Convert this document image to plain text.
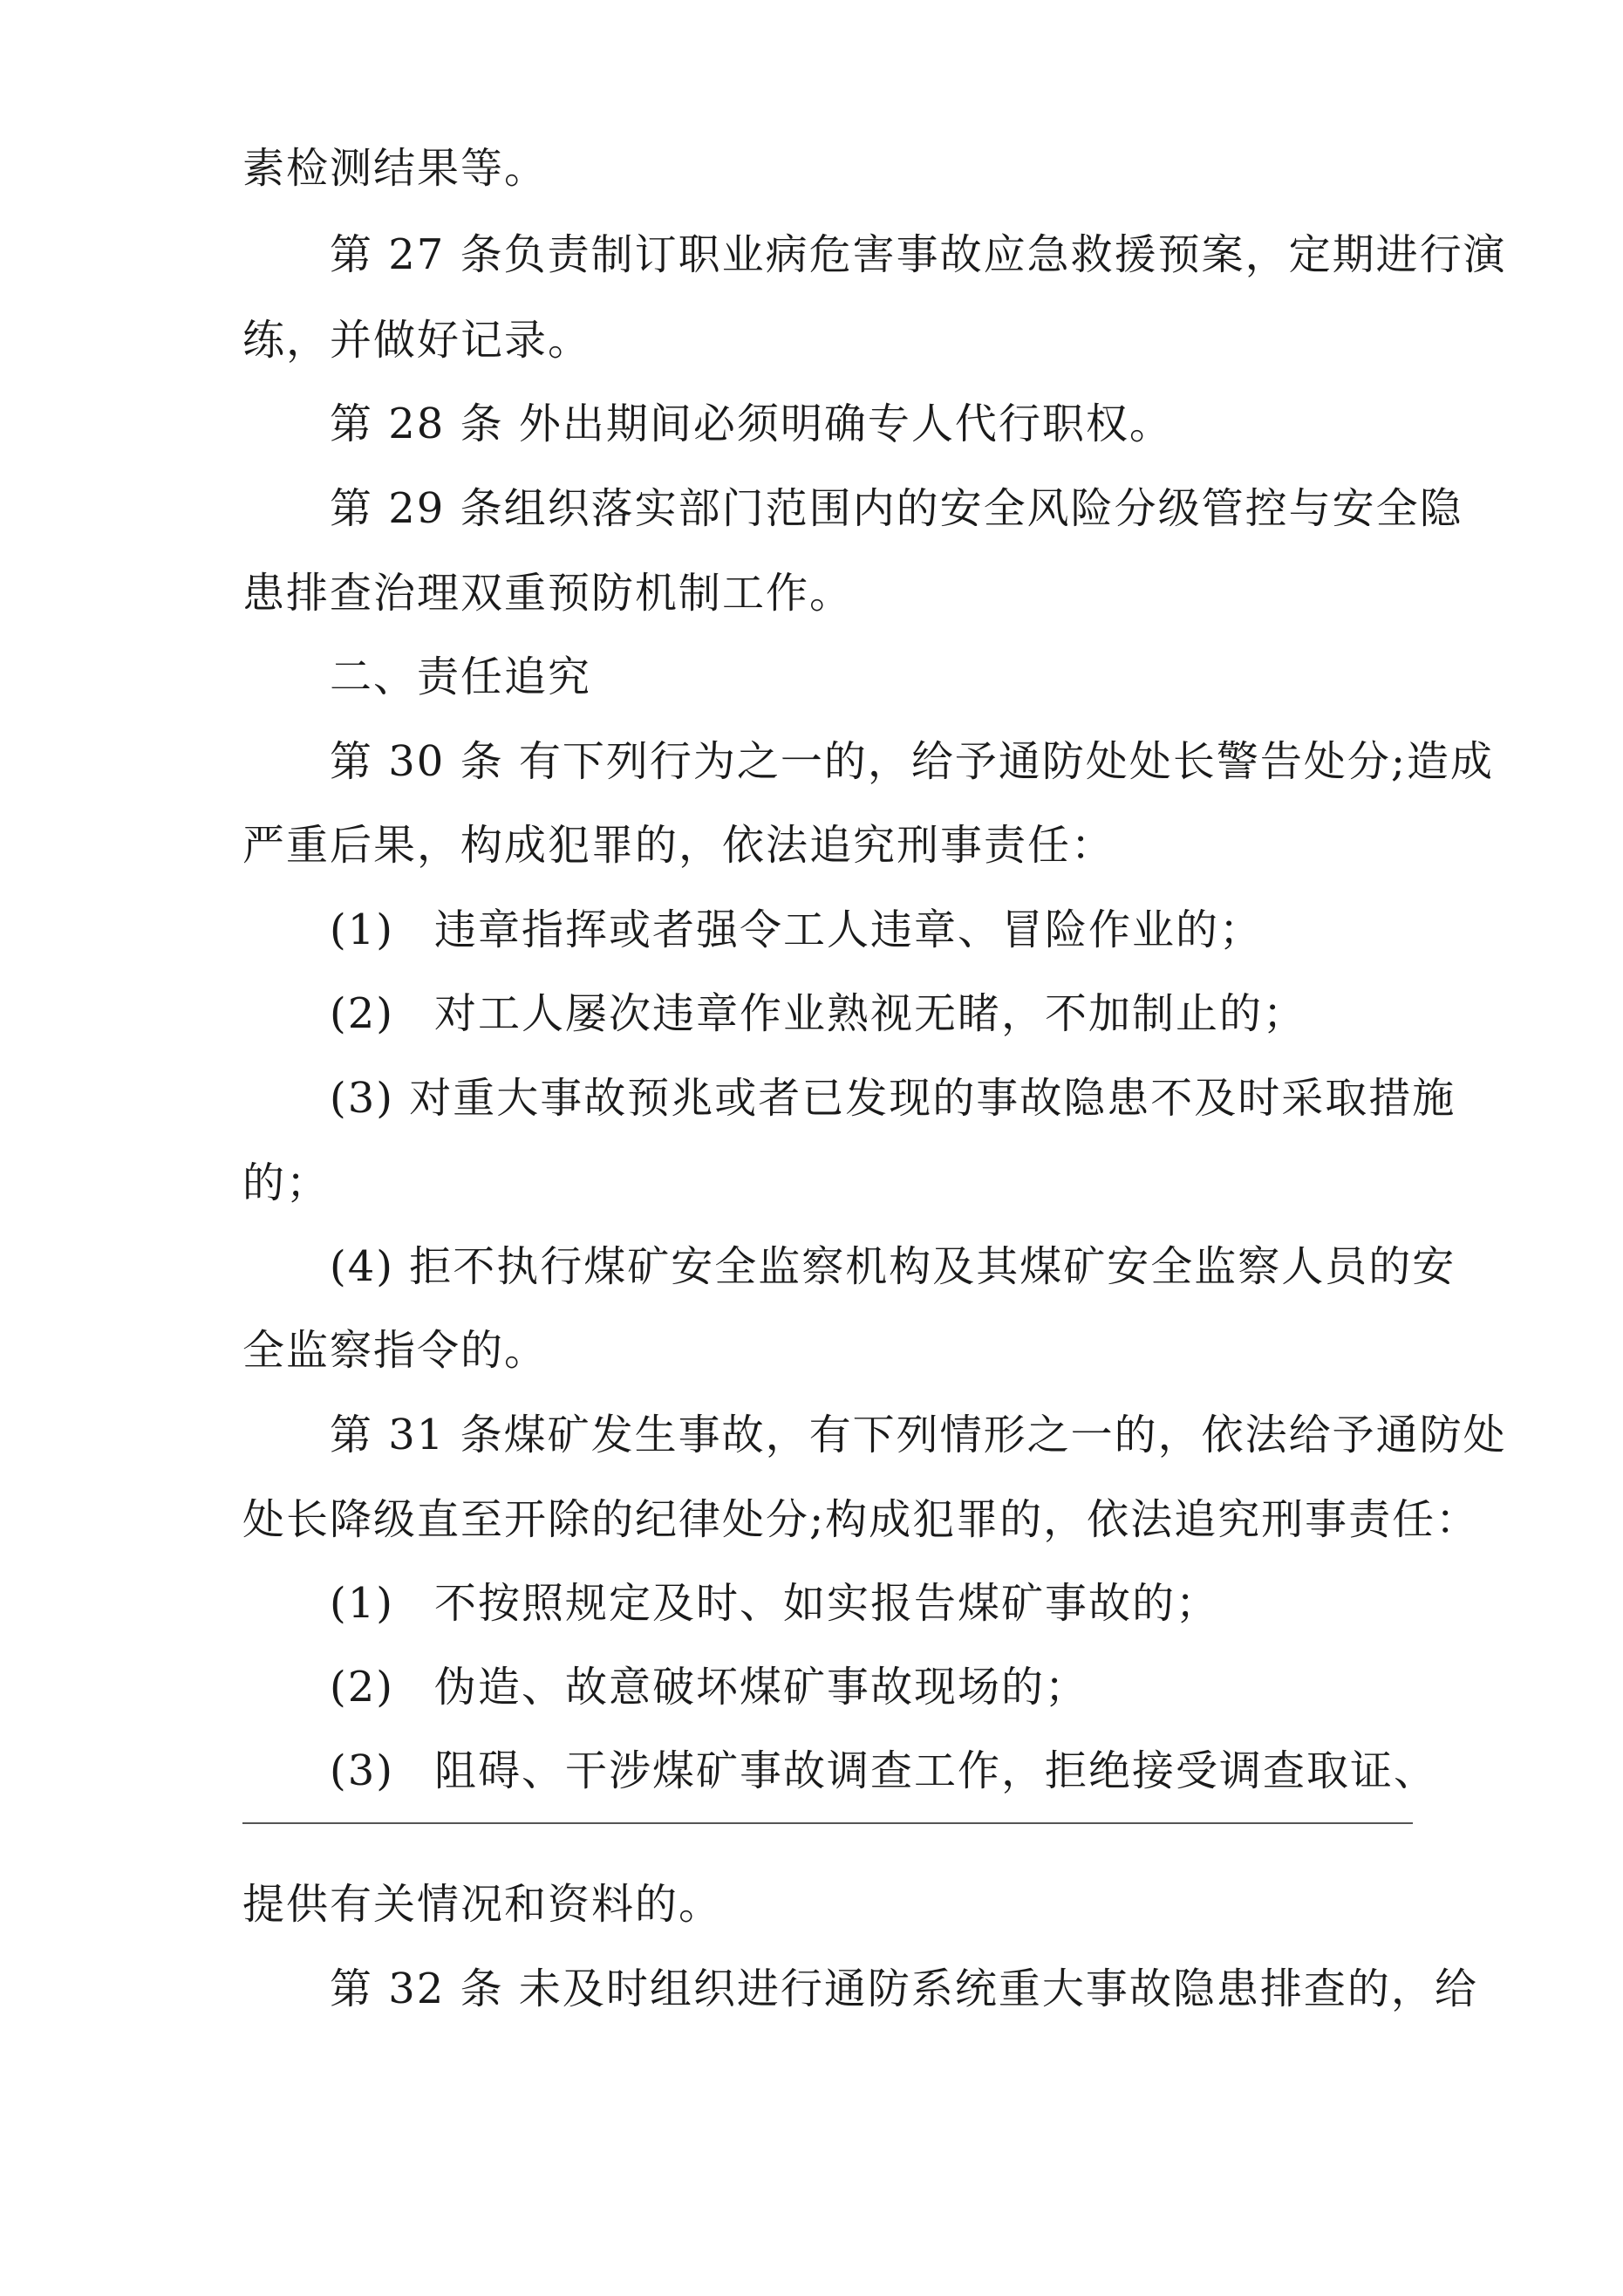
素检测结果等。
第 27 条负责制订职业病危害事故应急救援预案，定期进行演
练，并做好记录。
第 28 条 外出期间必须明确专人代行职权。
第 29 条组织落实部门范围内的安全风险分级管控与安全隐
患排查治理双重预防机制工作。
二、责任追究
第 30 条 有下列行为之一的，给予通防处处长警告处分;造成
严重后果，构成犯罪的，依法追究刑事责任：
(1) 违章指挥或者强令工人违章、冒险作业的；
(2) 对工人屡次违章作业熟视无睹，不加制止的；
(3) 对重大事故预兆或者已发现的事故隐患不及时采取措施
的；
(4) 拒不执行煤矿安全监察机构及其煤矿安全监察人员的安
全监察指令的。
第 31 条煤矿发生事故，有下列情形之一的，依法给予通防处
处长降级直至开除的纪律处分;构成犯罪的，依法追究刑事责任：
(1) 不按照规定及时、如实报告煤矿事故的；
(2) 伪造、故意破坏煤矿事故现场的；
(3) 阻碍、干涉煤矿事故调查工作，拒绝接受调查取证、
提供有关情况和资料的。
第 32 条 未及时组织进行通防系统重大事故隐患排查的，给
